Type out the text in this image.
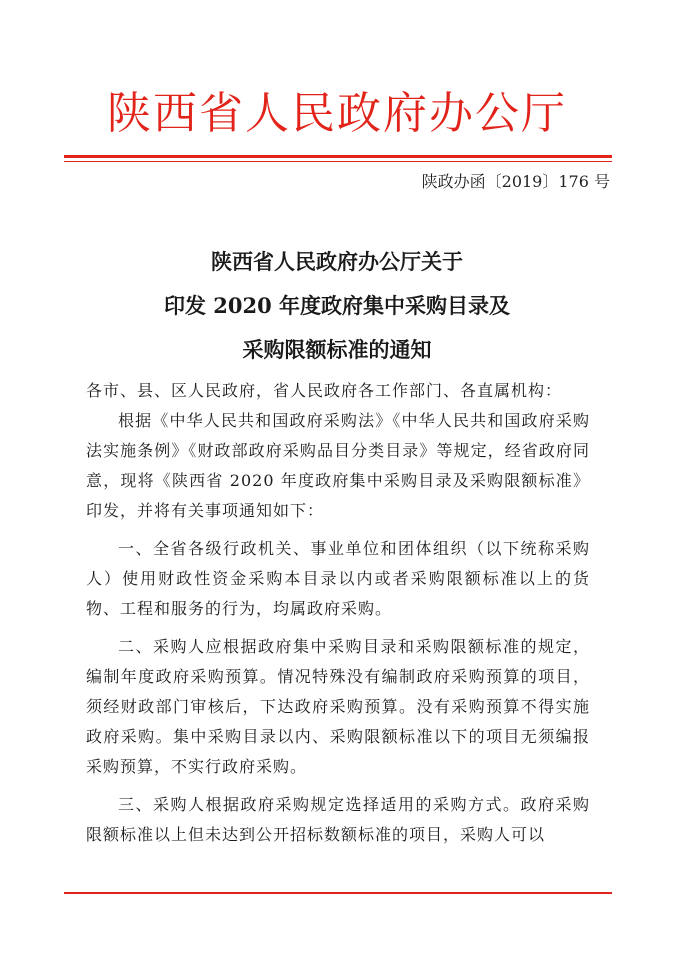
陕西省人民政府办公厅
陕政办函〔2019〕176 号
陕西省人民政府办公厅关于
印发 2020 年度政府集中采购目录及
采购限额标准的通知

各市、县、区人民政府，省人民政府各工作部门、各直属机构：

根据《中华人民共和国政府采购法》《中华人民共和国政府采购法实施条例》《财政部政府采购品目分类目录》等规定，经省政府同意，现将《陕西省 2020 年度政府集中采购目录及采购限额标准》印发，并将有关事项通知如下：

一、全省各级行政机关、事业单位和团体组织（以下统称采购人）使用财政性资金采购本目录以内或者采购限额标准以上的货物、工程和服务的行为，均属政府采购。

二、采购人应根据政府集中采购目录和采购限额标准的规定，编制年度政府采购预算。情况特殊没有编制政府采购预算的项目，须经财政部门审核后，下达政府采购预算。没有采购预算不得实施政府采购。集中采购目录以内、采购限额标准以下的项目无须编报采购预算，不实行政府采购。

三、采购人根据政府采购规定选择适用的采购方式。政府采购限额标准以上但未达到公开招标数额标准的项目，采购人可以
